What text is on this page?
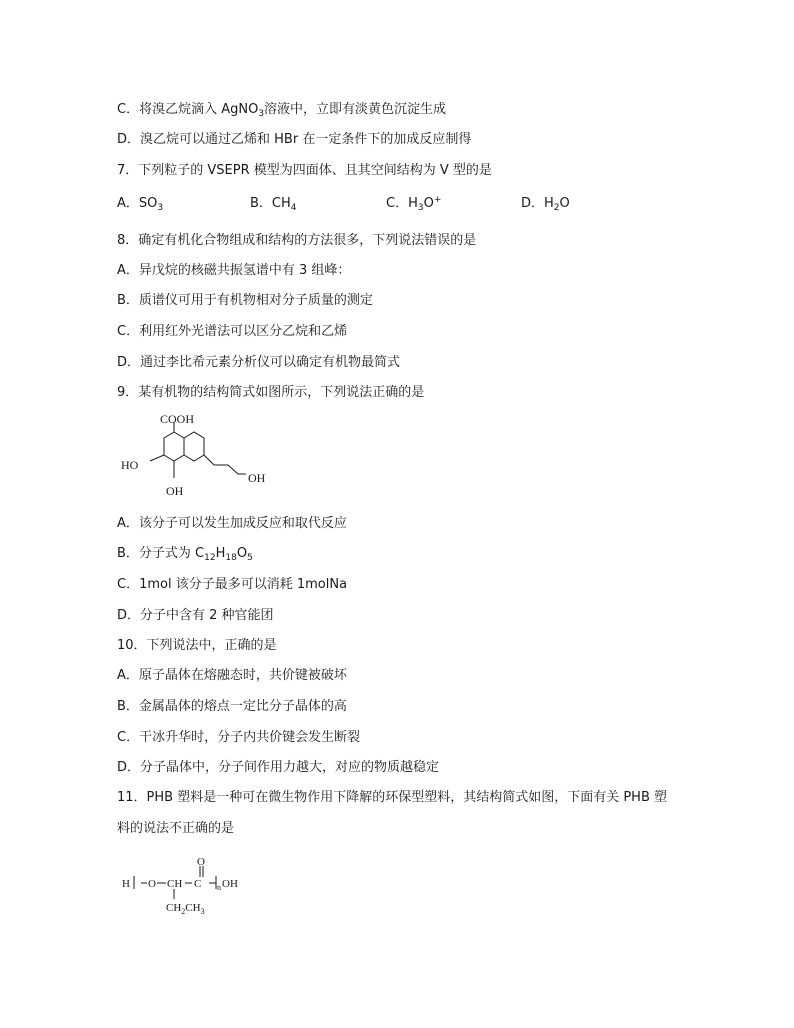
C．将溴乙烷滴入 AgNO$_3$溶液中，立即有淡黄色沉淀生成
D．溴乙烷可以通过乙烯和 HBr 在一定条件下的加成反应制得
7．下列粒子的 VSEPR 模型为四面体、且其空间结构为 V 型的是
A．$SO_3$	B．$CH_4$	C．$H_3O^+$	D．$H_2O$
8．确定有机化合物组成和结构的方法很多，下列说法错误的是
A．异戊烷的核磁共振氢谱中有 3 组峰：
B．质谱仪可用于有机物相对分子质量的测定
C．利用红外光谱法可以区分乙烷和乙烯
D．通过李比希元素分析仪可以确定有机物最简式
9．某有机物的结构简式如图所示，下列说法正确的是
COOH
HO
OH
OH
A．该分子可以发生加成反应和取代反应
B．分子式为 $C_{12}H_{18}O_5$
C．1mol 该分子最多可以消耗 1molNa
D．分子中含有 2 种官能团
10．下列说法中，正确的是
A．原子晶体在熔融态时，共价键被破坏
B．金属晶体的熔点一定比分子晶体的高
C．干冰升华时，分子内共价键会发生断裂
D．分子晶体中，分子间作用力越大，对应的物质越稳定
11．PHB 塑料是一种可在微生物作用下降解的环保型塑料，其结构简式如图，下面有关 PHB 塑
料的说法不正确的是
O
H O CH C n OH
$CH_2CH_3$
